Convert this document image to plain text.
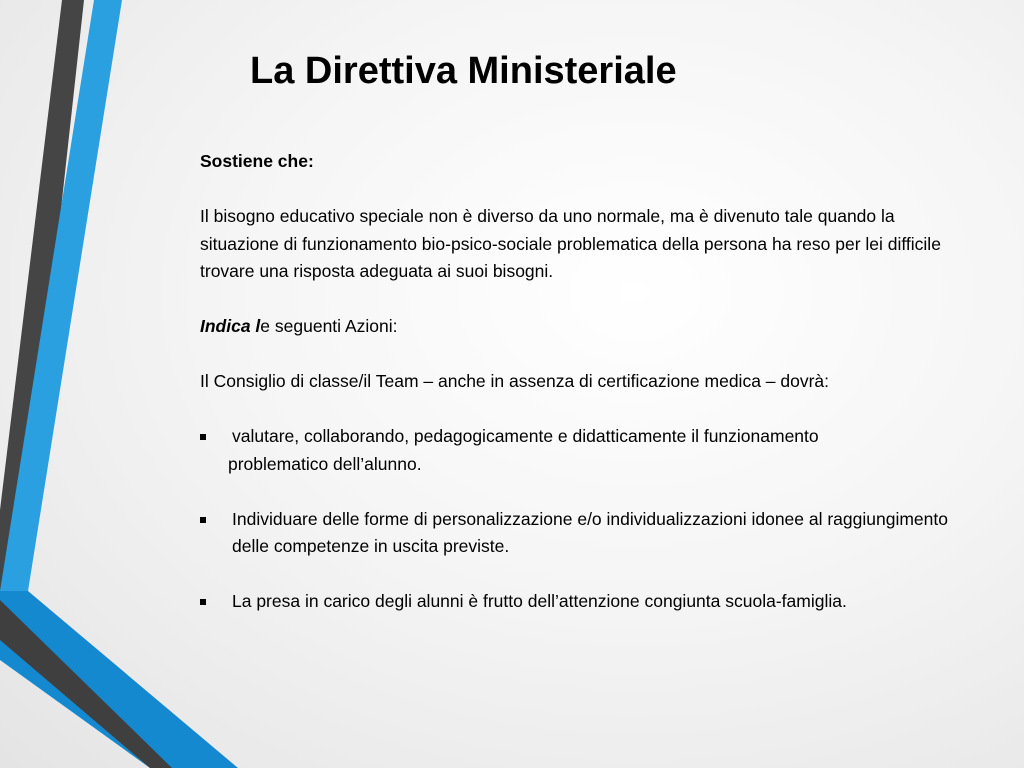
La Direttiva Ministeriale

Sostiene che:

Il bisogno educativo speciale non è diverso da uno normale, ma è divenuto tale quando la situazione di funzionamento bio-psico-sociale problematica della persona ha reso per lei difficile trovare una risposta adeguata ai suoi bisogni.

Indica le seguenti Azioni:

Il Consiglio di classe/il Team – anche in assenza di certificazione medica – dovrà:

valutare, collaborando, pedagogicamente e didatticamente il funzionamento

problematico dell’alunno.

Individuare delle forme di personalizzazione e/o individualizzazioni idonee al raggiungimento delle competenze in uscita previste.
La presa in carico degli alunni è frutto dell’attenzione congiunta scuola-famiglia.
